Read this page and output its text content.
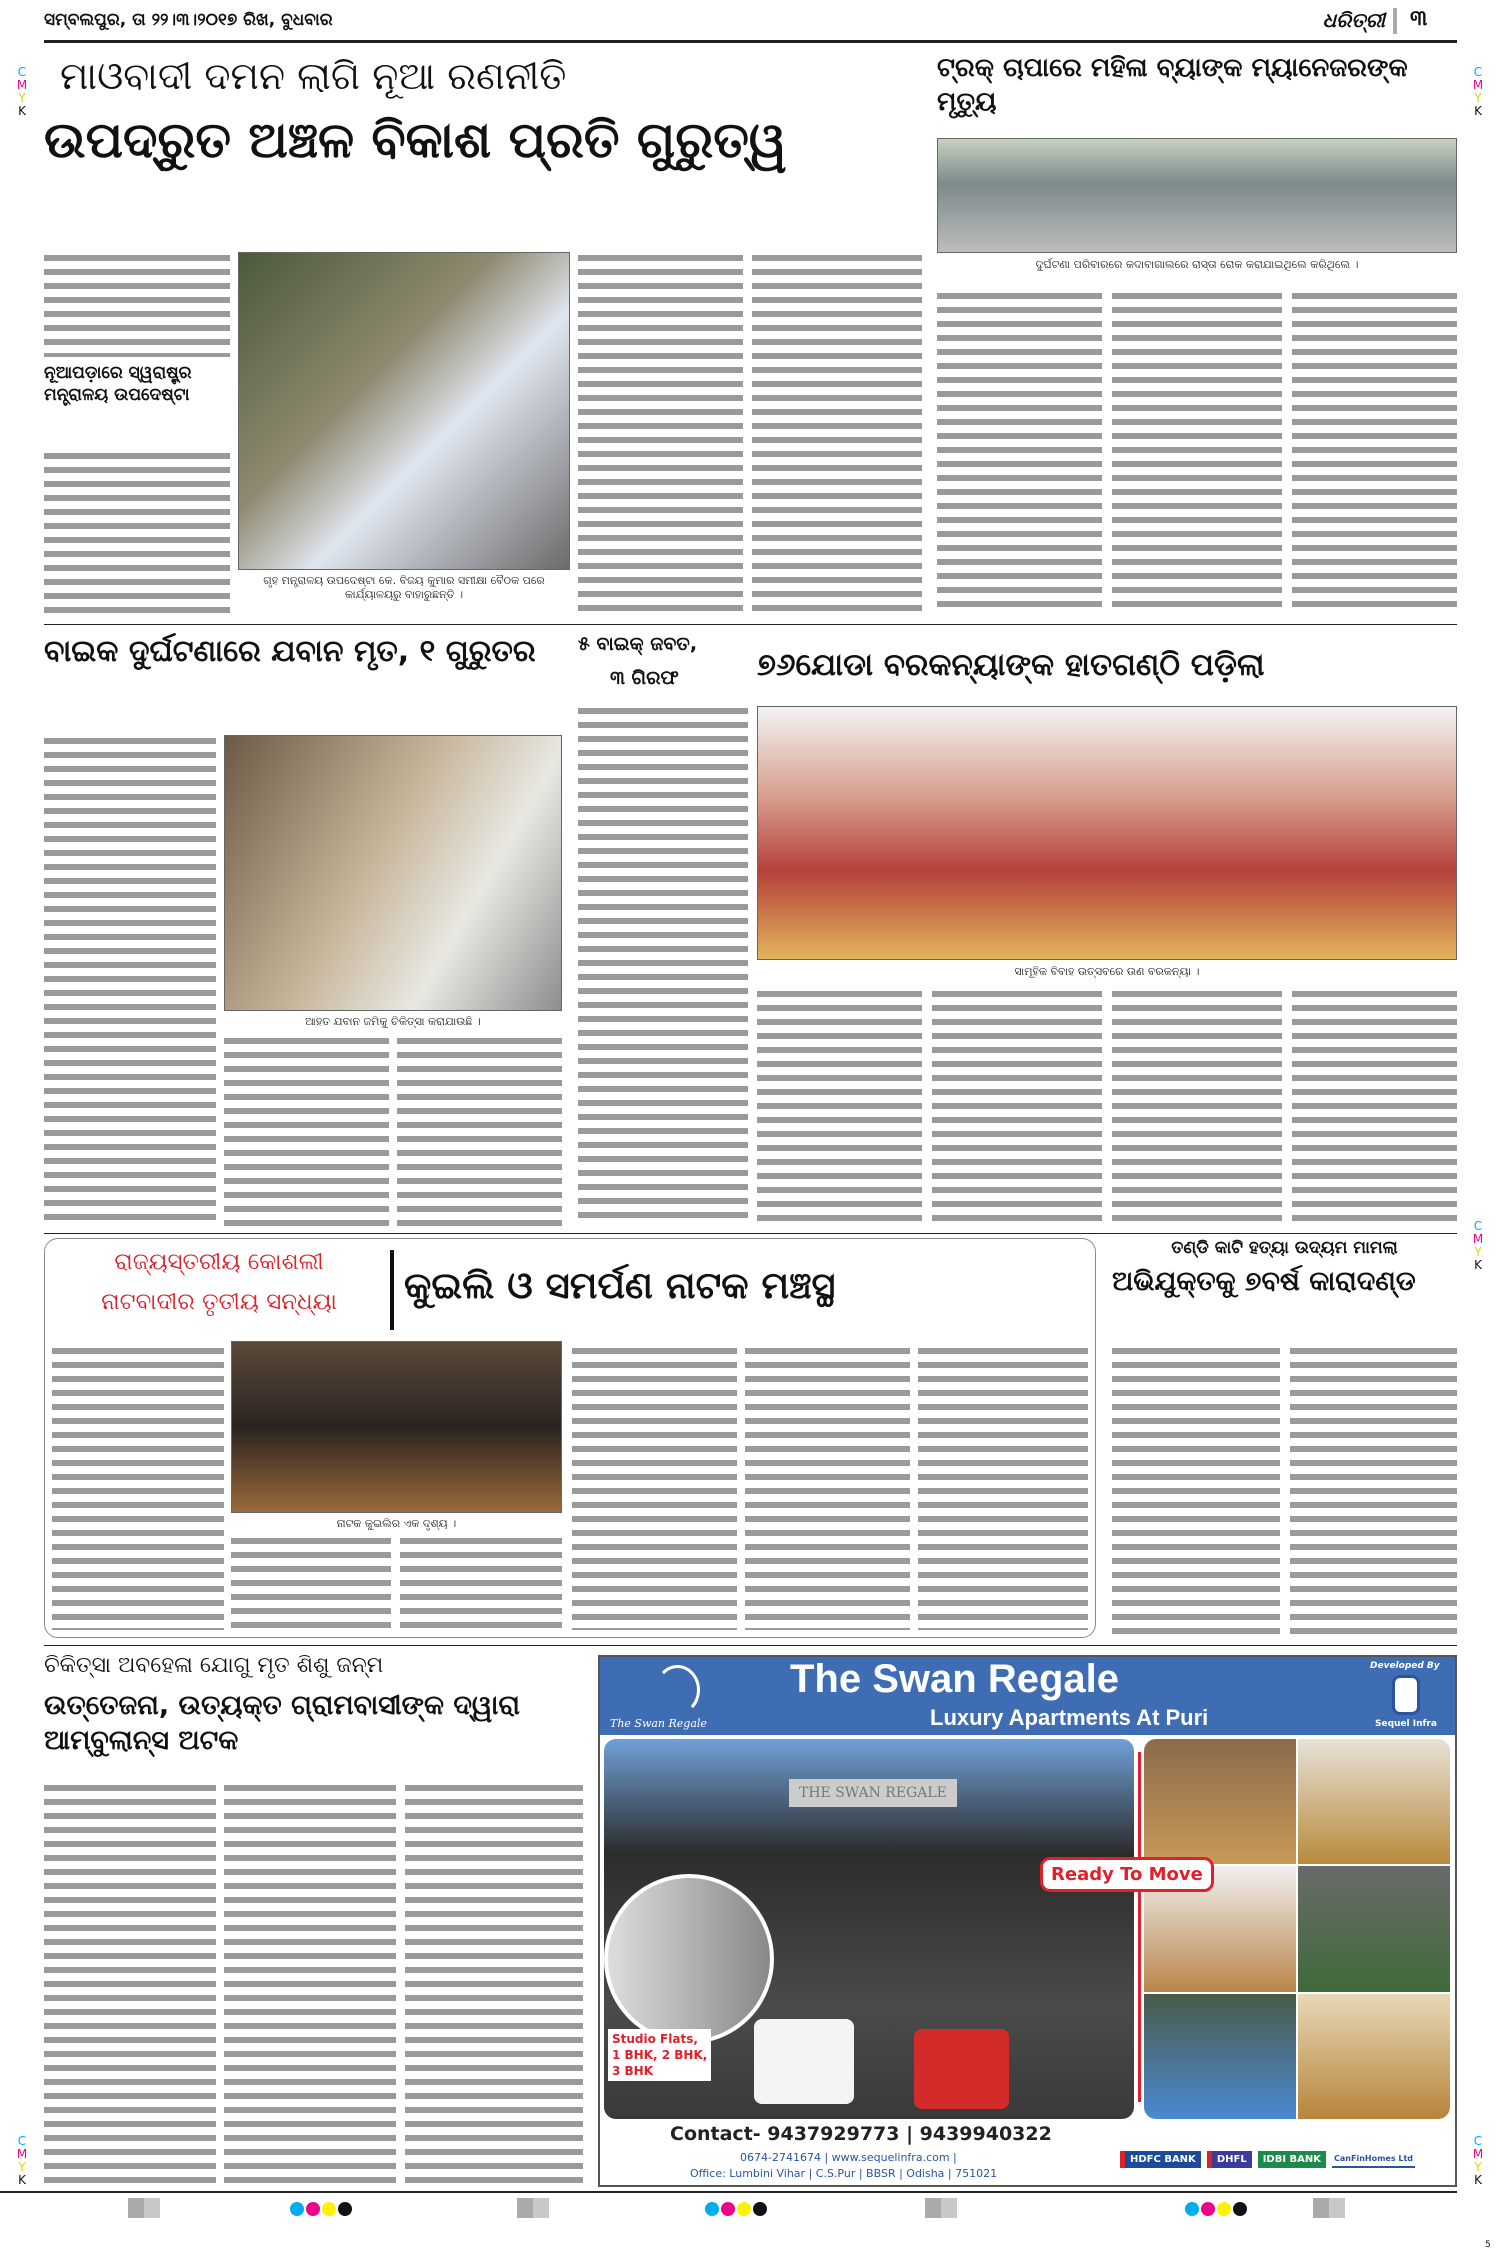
ସମ୍ବଲପୁର, ତା ୨୨।୩।୨୦୧୭ ରିଖ, ବୁଧବାର	ଧରିତ୍ରୀ ୩
C
M
Y
K
C
M
Y
K
C
M
Y
K
C
M
Y
K
C
M
Y
K
ମାଓବାଦୀ ଦମନ ଲାଗି ନୂଆ ରଣନୀତି
ଉପଦ୍ରୁତ ଅଞ୍ଚଳ ବିକାଶ ପ୍ରତି ଗୁରୁତ୍ୱ
ନୂଆପଡ଼ାରେ ସ୍ୱରାଷ୍ଟ୍ର ମନ୍ତ୍ରାଳୟ ଉପଦେଷ୍ଟା
ଗୃହ ମନ୍ତ୍ରାଳୟ ଉପଦେଷ୍ଟା କେ. ବିଜୟ କୁମାର ସମୀକ୍ଷା ବୈଠକ ପରେ କାର୍ଯ୍ୟାଳୟରୁ ବାହାରୁଛନ୍ତି ।
ଟ୍ରକ୍ ଚାପାରେ ମହିଳା ବ୍ୟାଙ୍କ ମ୍ୟାନେଜରଙ୍କ ମୃତ୍ୟୁ
ଦୁର୍ଘଟଣା ପରିବାରରେ କଦାବାଗାଲରେ ରାସ୍ତା ରୋକ କରାଯାଇଥିଲେ କରିଥିଲେ ।
ବାଇକ ଦୁର୍ଘଟଣାରେ ଯବାନ ମୃତ, ୧ ଗୁରୁତର
ଆହତ ଯବାନ ଜମିକୁ ଚିକିତ୍ସା କରାଯାଉଛି ।
୫ ବାଇକ୍ ଜବତ,
୩ ଗିରଫ	୭୬ଯୋଡା ବରକନ୍ୟାଙ୍କ ହାତଗଣ୍ଠି ପଡ଼ିଲା
ସାମୂହିକ ବିବାହ ଉତ୍ସବରେ ଉଣ ବରକନ୍ୟା ।
ରାଜ୍ୟସ୍ତରୀୟ କୋଶଲୀ
ନାଟବାଦୀର ତୃତୀୟ ସନ୍ଧ୍ୟା	କୁଇଲି ଓ ସମର୍ପଣ ନାଟକ ମଞ୍ଚସ୍ଥ
ନାଟକ କୁଇଲିର ଏକ ଦୃଶ୍ୟ ।
ତଣ୍ଡି କାଟି ହତ୍ୟା ଉଦ୍ୟମ ମାମଲା
ଅଭିଯୁକ୍ତକୁ ୭ବର୍ଷ କାରାଦଣ୍ଡ
ଚିକିତ୍ସା ଅବହେଳା ଯୋଗୁ ମୃତ ଶିଶୁ ଜନ୍ମ
ଉତ୍ତେଜନା, ଉତ୍ୟକ୍ତ ଗ୍ରାମବାସୀଙ୍କ ଦ୍ୱାରା ଆମ୍ବୁଲାନ୍ସ ଅଟକ
The Swan Regale
The Swan Regale
Luxury Apartments At Puri
Developed By
Sequel Infra
THE SWAN REGALE
Studio Flats,
1 BHK, 2 BHK,
3 BHK
Ready To Move
Contact- 9437929773 | 9439940322
0674-2741674 | www.sequelinfra.com |
Office: Lumbini Vihar | C.S.Pur | BBSR | Odisha | 751021
HDFC BANK	DHFL	IDBI BANK	CanFinHomes Ltd
5
